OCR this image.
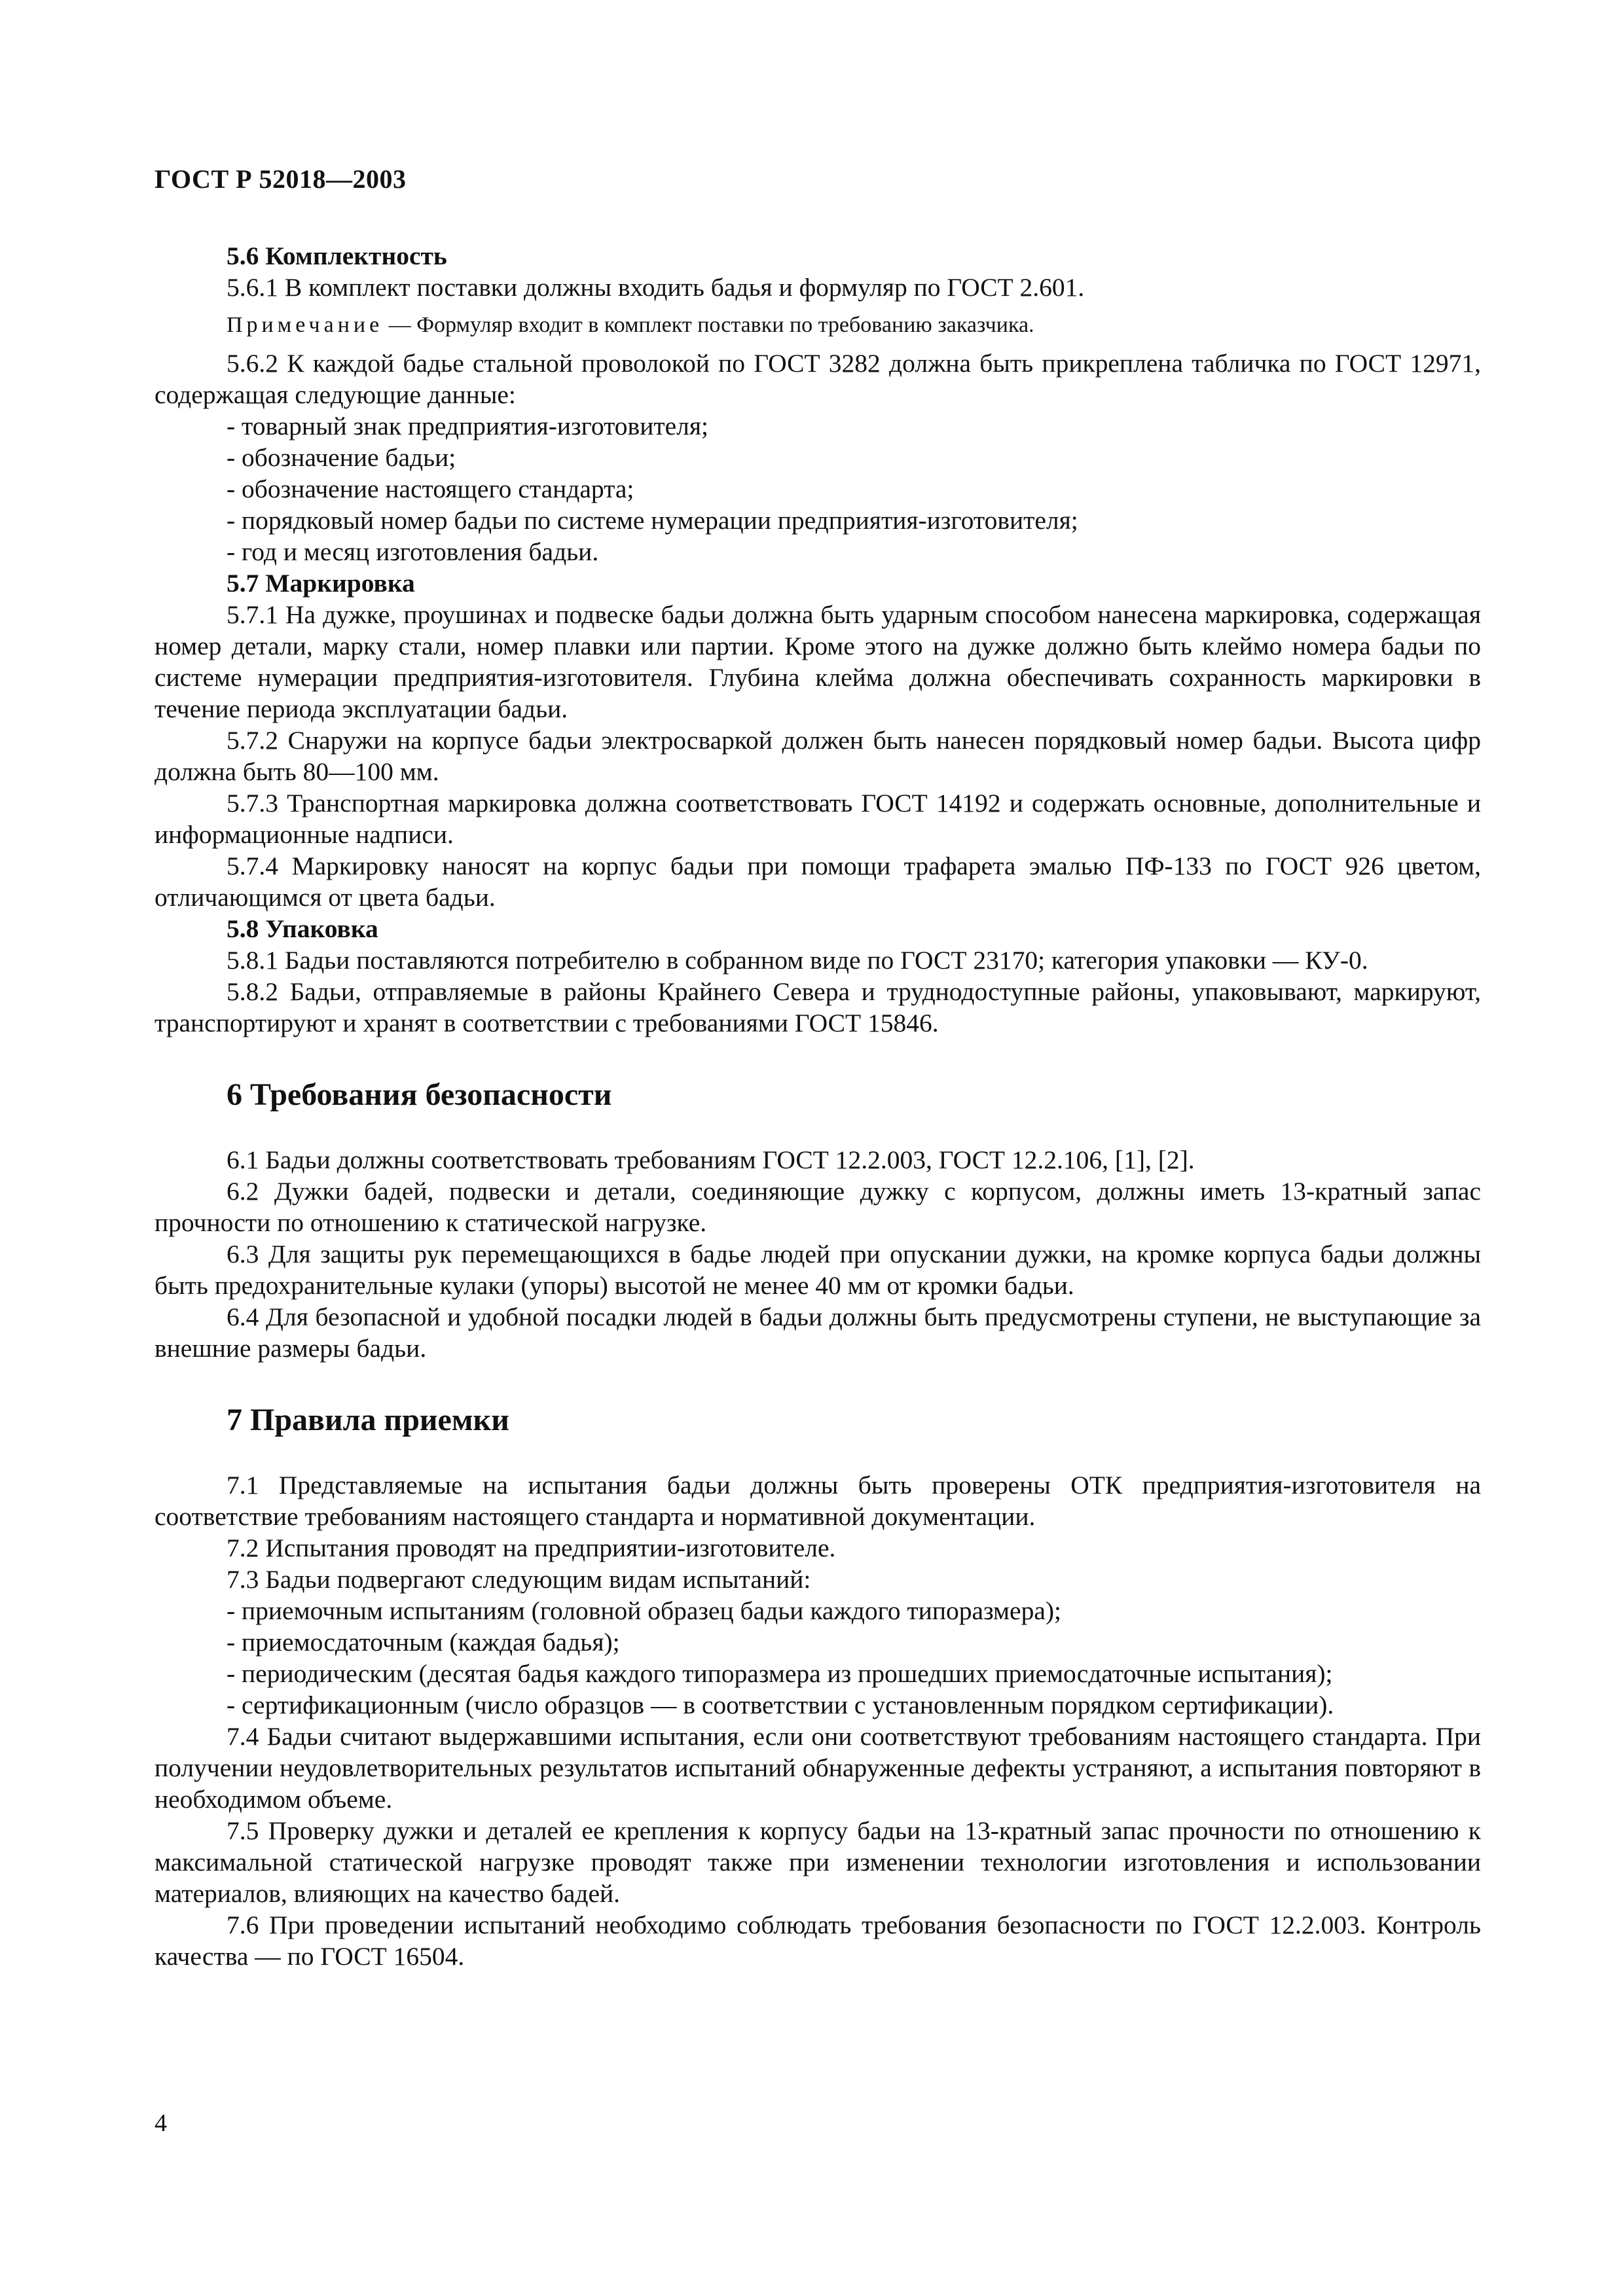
ГОСТ Р 52018—2003

5.6 Комплектность

5.6.1 В комплект поставки должны входить бадья и формуляр по ГОСТ 2.601.

Примечание — Формуляр входит в комплект поставки по требованию заказчика.

5.6.2 К каждой бадье стальной проволокой по ГОСТ 3282 должна быть прикреплена табличка по ГОСТ 12971, содержащая следующие данные:

- товарный знак предприятия-изготовителя;

- обозначение бадьи;

- обозначение настоящего стандарта;

- порядковый номер бадьи по системе нумерации предприятия-изготовителя;

- год и месяц изготовления бадьи.

5.7 Маркировка

5.7.1 На дужке, проушинах и подвеске бадьи должна быть ударным способом нанесена маркировка, содержащая номер детали, марку стали, номер плавки или партии. Кроме этого на дужке должно быть клеймо номера бадьи по системе нумерации предприятия-изготовителя. Глубина клейма должна обеспечивать сохранность маркировки в течение периода эксплуатации бадьи.

5.7.2 Снаружи на корпусе бадьи электросваркой должен быть нанесен порядковый номер бадьи. Высота цифр должна быть 80—100 мм.

5.7.3 Транспортная маркировка должна соответствовать ГОСТ 14192 и содержать основные, дополнительные и информационные надписи.

5.7.4 Маркировку наносят на корпус бадьи при помощи трафарета эмалью ПФ-133 по ГОСТ 926 цветом, отличающимся от цвета бадьи.

5.8 Упаковка

5.8.1 Бадьи поставляются потребителю в собранном виде по ГОСТ 23170; категория упаковки — КУ-0.

5.8.2 Бадьи, отправляемые в районы Крайнего Севера и труднодоступные районы, упаковывают, маркируют, транспортируют и хранят в соответствии с требованиями ГОСТ 15846.

6 Требования безопасности

6.1 Бадьи должны соответствовать требованиям ГОСТ 12.2.003, ГОСТ 12.2.106, [1], [2].

6.2 Дужки бадей, подвески и детали, соединяющие дужку с корпусом, должны иметь 13-кратный запас прочности по отношению к статической нагрузке.

6.3 Для защиты рук перемещающихся в бадье людей при опускании дужки, на кромке корпуса бадьи должны быть предохранительные кулаки (упоры) высотой не менее 40 мм от кромки бадьи.

6.4 Для безопасной и удобной посадки людей в бадьи должны быть предусмотрены ступени, не выступающие за внешние размеры бадьи.

7 Правила приемки

7.1 Представляемые на испытания бадьи должны быть проверены ОТК предприятия-изготовителя на соответствие требованиям настоящего стандарта и нормативной документации.

7.2 Испытания проводят на предприятии-изготовителе.

7.3 Бадьи подвергают следующим видам испытаний:

- приемочным испытаниям (головной образец бадьи каждого типоразмера);

- приемосдаточным (каждая бадья);

- периодическим (десятая бадья каждого типоразмера из прошедших приемосдаточные испытания);

- сертификационным (число образцов — в соответствии с установленным порядком сертификации).

7.4 Бадьи считают выдержавшими испытания, если они соответствуют требованиям настоящего стандарта. При получении неудовлетворительных результатов испытаний обнаруженные дефекты устраняют, а испытания повторяют в необходимом объеме.

7.5 Проверку дужки и деталей ее крепления к корпусу бадьи на 13-кратный запас прочности по отношению к максимальной статической нагрузке проводят также при изменении технологии изготовления и использовании материалов, влияющих на качество бадей.

7.6 При проведении испытаний необходимо соблюдать требования безопасности по ГОСТ 12.2.003. Контроль качества — по ГОСТ 16504.

4
